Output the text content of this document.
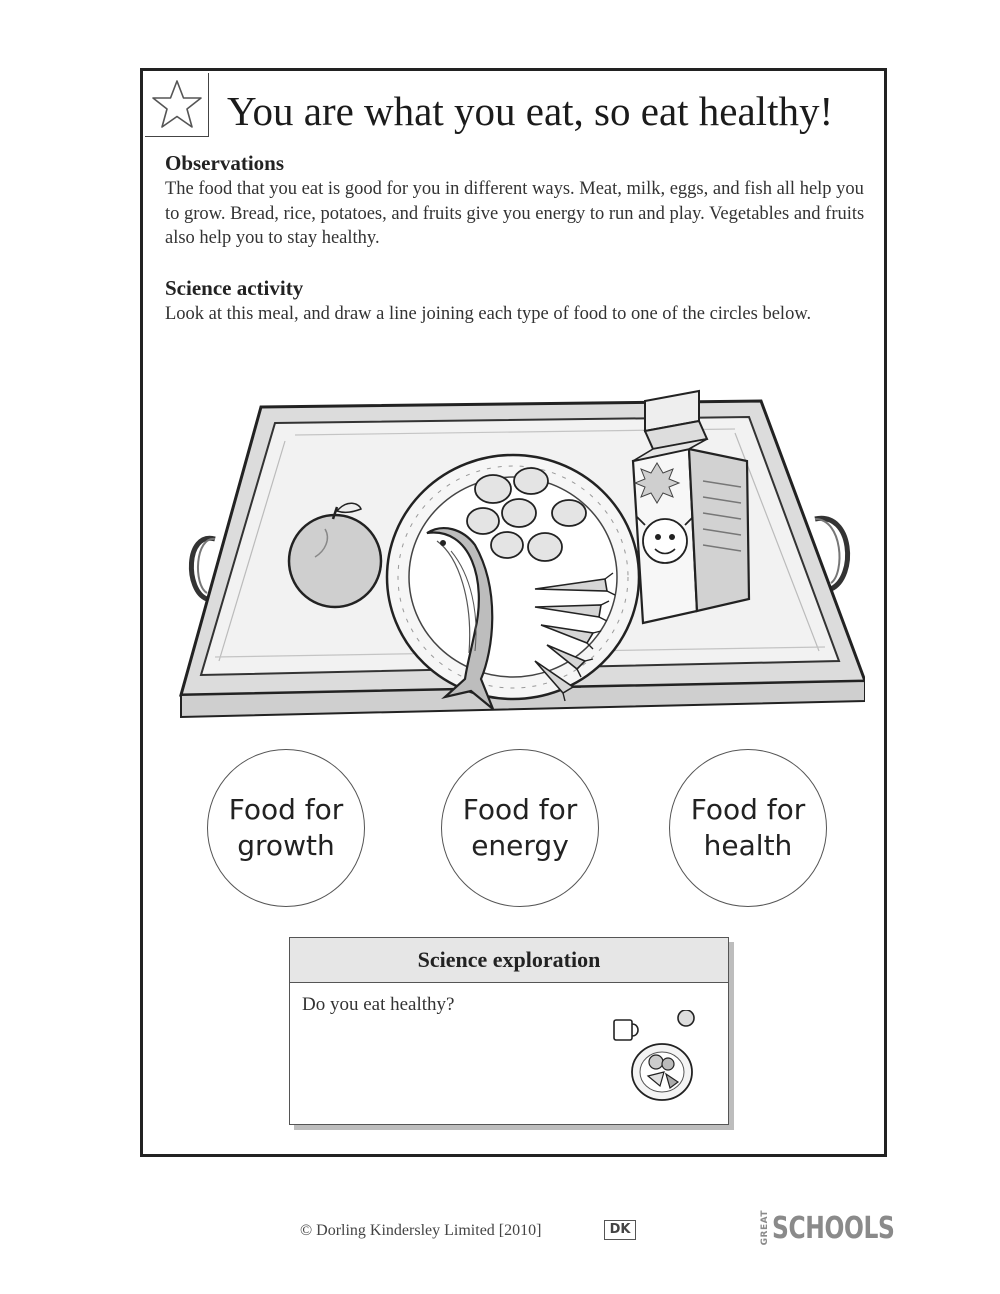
You are what you eat, so eat healthy!
Observations
The food that you eat is good for you in different ways. Meat, milk, eggs, and fish all help you to grow. Bread, rice, potatoes, and fruits give you energy to run and play. Vegetables and fruits also help you to stay healthy.
Science activity
Look at this meal, and draw a line joining each type of food to one of the circles below.
Food for
growth
Food for
energy
Food for
health
Science exploration
Do you eat healthy?
© Dorling Kindersley Limited [2010]	DK	GREAT SCHOOLS
